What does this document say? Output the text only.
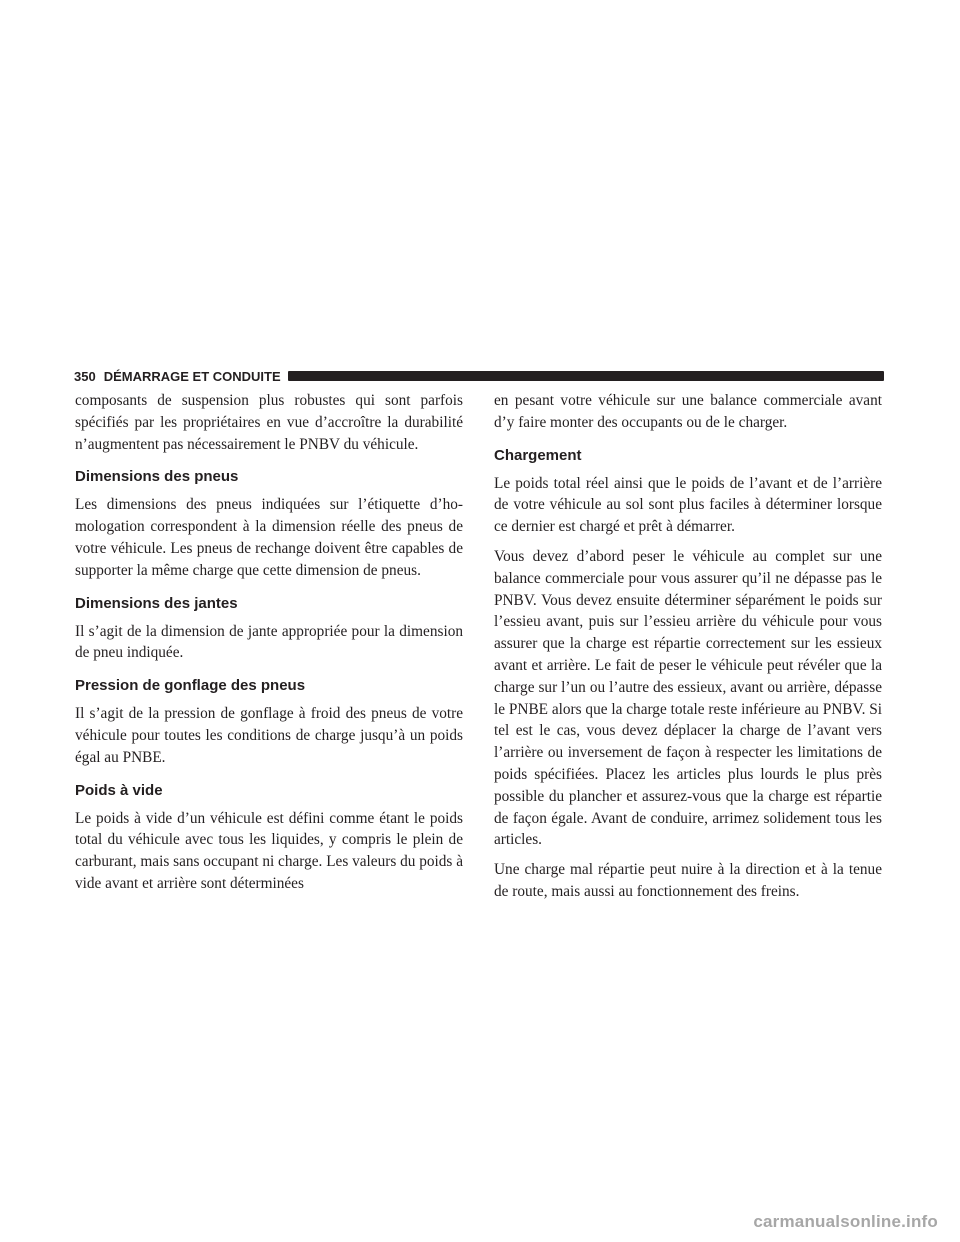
350 DÉMARRAGE ET CONDUITE

composants de suspension plus robustes qui sont parfois spécifiés par les propriétaires en vue d’accroître la durabilité n’augmentent pas nécessairement le PNBV du véhicule.

Dimensions des pneus

Les dimensions des pneus indiquées sur l’étiquette d’homologation correspondent à la dimension réelle des pneus de votre véhicule. Les pneus de rechange doivent être capables de supporter la même charge que cette dimension de pneus.

Dimensions des jantes

Il s’agit de la dimension de jante appropriée pour la dimension de pneu indiquée.

Pression de gonflage des pneus

Il s’agit de la pression de gonflage à froid des pneus de votre véhicule pour toutes les conditions de charge jusqu’à un poids égal au PNBE.

Poids à vide

Le poids à vide d’un véhicule est défini comme étant le poids total du véhicule avec tous les liquides, y compris le plein de carburant, mais sans occupant ni charge. Les valeurs du poids à vide avant et arrière sont déterminées

en pesant votre véhicule sur une balance commerciale avant d’y faire monter des occupants ou de le charger.

Chargement

Le poids total réel ainsi que le poids de l’avant et de l’arrière de votre véhicule au sol sont plus faciles à déterminer lorsque ce dernier est chargé et prêt à démarrer.

Vous devez d’abord peser le véhicule au complet sur une balance commerciale pour vous assurer qu’il ne dépasse pas le PNBV. Vous devez ensuite déterminer séparément le poids sur l’essieu avant, puis sur l’essieu arrière du véhicule pour vous assurer que la charge est répartie correctement sur les essieux avant et arrière. Le fait de peser le véhicule peut révéler que la charge sur l’un ou l’autre des essieux, avant ou arrière, dépasse le PNBE alors que la charge totale reste inférieure au PNBV. Si tel est le cas, vous devez déplacer la charge de l’avant vers l’arrière ou inversement de façon à respecter les limitations de poids spécifiées. Placez les articles plus lourds le plus près possible du plancher et assurez-vous que la charge est répartie de façon égale. Avant de conduire, arrimez solidement tous les articles.

Une charge mal répartie peut nuire à la direction et à la tenue de route, mais aussi au fonctionnement des freins.

carmanualsonline.info
